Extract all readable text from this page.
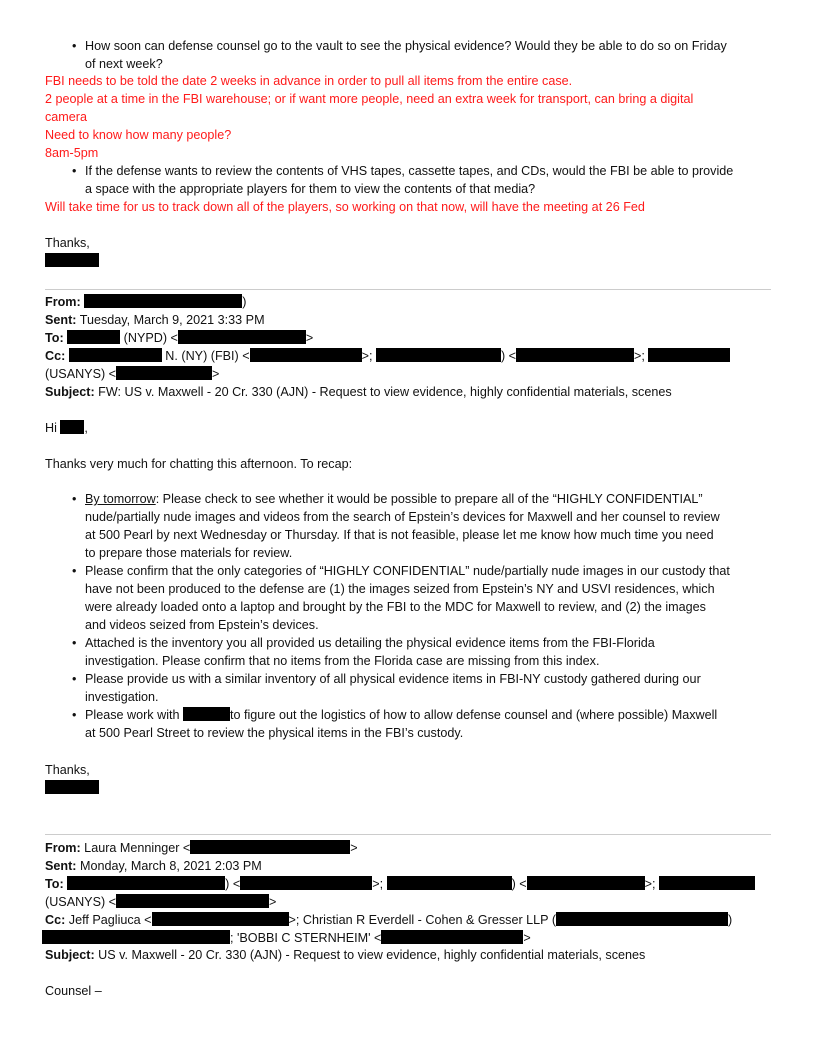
• How soon can defense counsel go to the vault to see the physical evidence? Would they be able to do so on Friday
of next week?
FBI needs to be told the date 2 weeks in advance in order to pull all items from the entire case.
2 people at a time in the FBI warehouse; or if want more people, need an extra week for transport, can bring a digital
camera
Need to know how many people?
8am-5pm
• If the defense wants to review the contents of VHS tapes, cassette tapes, and CDs, would the FBI be able to provide
a space with the appropriate players for them to view the contents of that media?
Will take time for us to track down all of the players, so working on that now, will have the meeting at 26 Fed
Thanks,
From:	)
Sent: Tuesday, March 9, 2021 3:33 PM
To:	(NYPD) <	>
Cc:	N. (NY) (FBI) <	>;	) <	>;
(USANYS) <	>
Subject: FW: US v. Maxwell - 20 Cr. 330 (AJN) - Request to view evidence, highly confidential materials, scenes
Hi ,
Thanks very much for chatting this afternoon. To recap:
• By tomorrow: Please check to see whether it would be possible to prepare all of the “HIGHLY CONFIDENTIAL”
nude/partially nude images and videos from the search of Epstein’s devices for Maxwell and her counsel to review
at 500 Pearl by next Wednesday or Thursday. If that is not feasible, please let me know how much time you need
to prepare those materials for review.
• Please confirm that the only categories of “HIGHLY CONFIDENTIAL” nude/partially nude images in our custody that
have not been produced to the defense are (1) the images seized from Epstein’s NY and USVI residences, which
were already loaded onto a laptop and brought by the FBI to the MDC for Maxwell to review, and (2) the images
and videos seized from Epstein’s devices.
• Attached is the inventory you all provided us detailing the physical evidence items from the FBI-Florida
investigation. Please confirm that no items from the Florida case are missing from this index.
• Please provide us with a similar inventory of all physical evidence items in FBI-NY custody gathered during our
investigation.
• Please work with	to figure out the logistics of how to allow defense counsel and (where possible) Maxwell
at 500 Pearl Street to review the physical items in the FBI’s custody.
Thanks,
From: Laura Menninger <	>
Sent: Monday, March 8, 2021 2:03 PM
To:	) <	>;	) <	>;
(USANYS) <	>
Cc: Jeff Pagliuca <	>; Christian R Everdell - Cohen & Gresser LLP (	)
; 'BOBBI C STERNHEIM' <	>
Subject: US v. Maxwell - 20 Cr. 330 (AJN) - Request to view evidence, highly confidential materials, scenes
Counsel –
